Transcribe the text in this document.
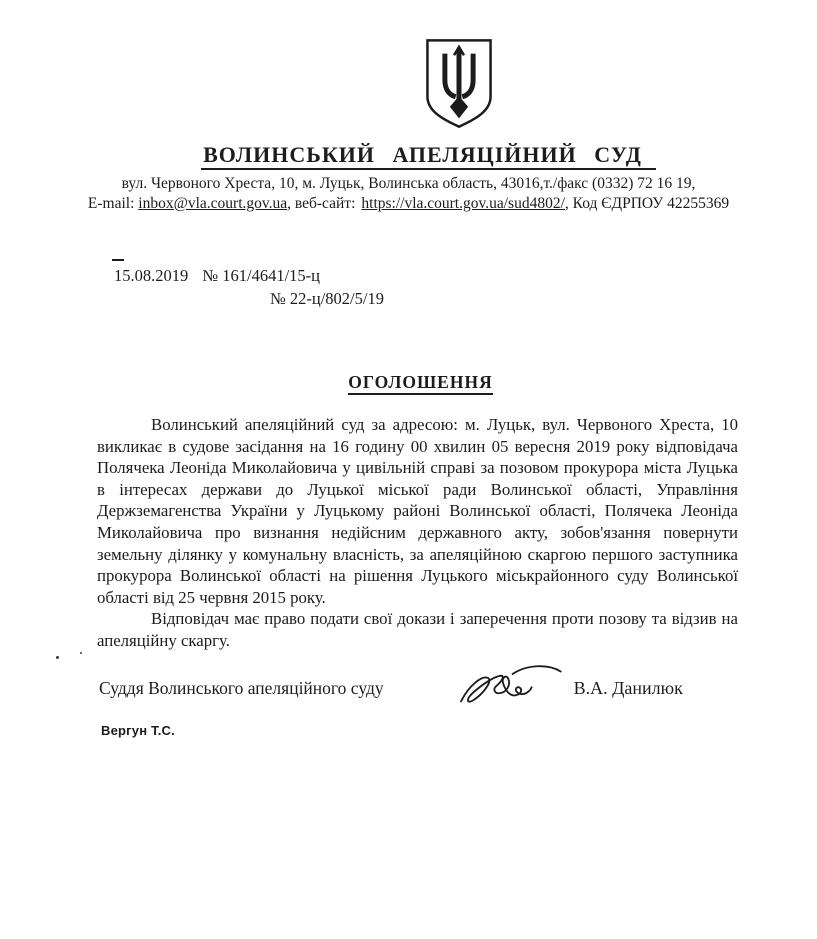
ВОЛИНСЬКИЙ АПЕЛЯЦІЙНИЙ СУД
вул. Червоного Хреста, 10, м. Луцьк, Волинська область, 43016,т./факс (0332) 72 16 19,
E-mail: inbox@vla.court.gov.ua, веб-сайт: https://vla.court.gov.ua/sud4802/, Код ЄДРПОУ 42255369
15.08.2019 № 161/4641/15-ц
№ 22-ц/802/5/19
ОГОЛОШЕННЯ

Волинський апеляційний суд за адресою: м. Луцьк, вул. Червоного Хреста, 10 викликає в судове засідання на 16 годину 00 хвилин 05 вересня 2019 року відповідача Полячека Леоніда Миколайовича у цивільній справі за позовом прокурора міста Луцька в інтересах держави до Луцької міської ради Волинської області, Управління Держземагенства України у Луцькому районі Волинської області, Полячека Леоніда Миколайовича про визнання недійсним державного акту, зобов'язання повернути земельну ділянку у комунальну власність, за апеляційною скаргою першого заступника прокурора Волинської області на рішення Луцького міськрайонного суду Волинської області від 25 червня 2015 року.

Відповідач має право подати свої докази і заперечення проти позову та відзив на апеляційну скаргу.

Суддя Волинського апеляційного суду	В.А. Данилюк
Вергун Т.С.
